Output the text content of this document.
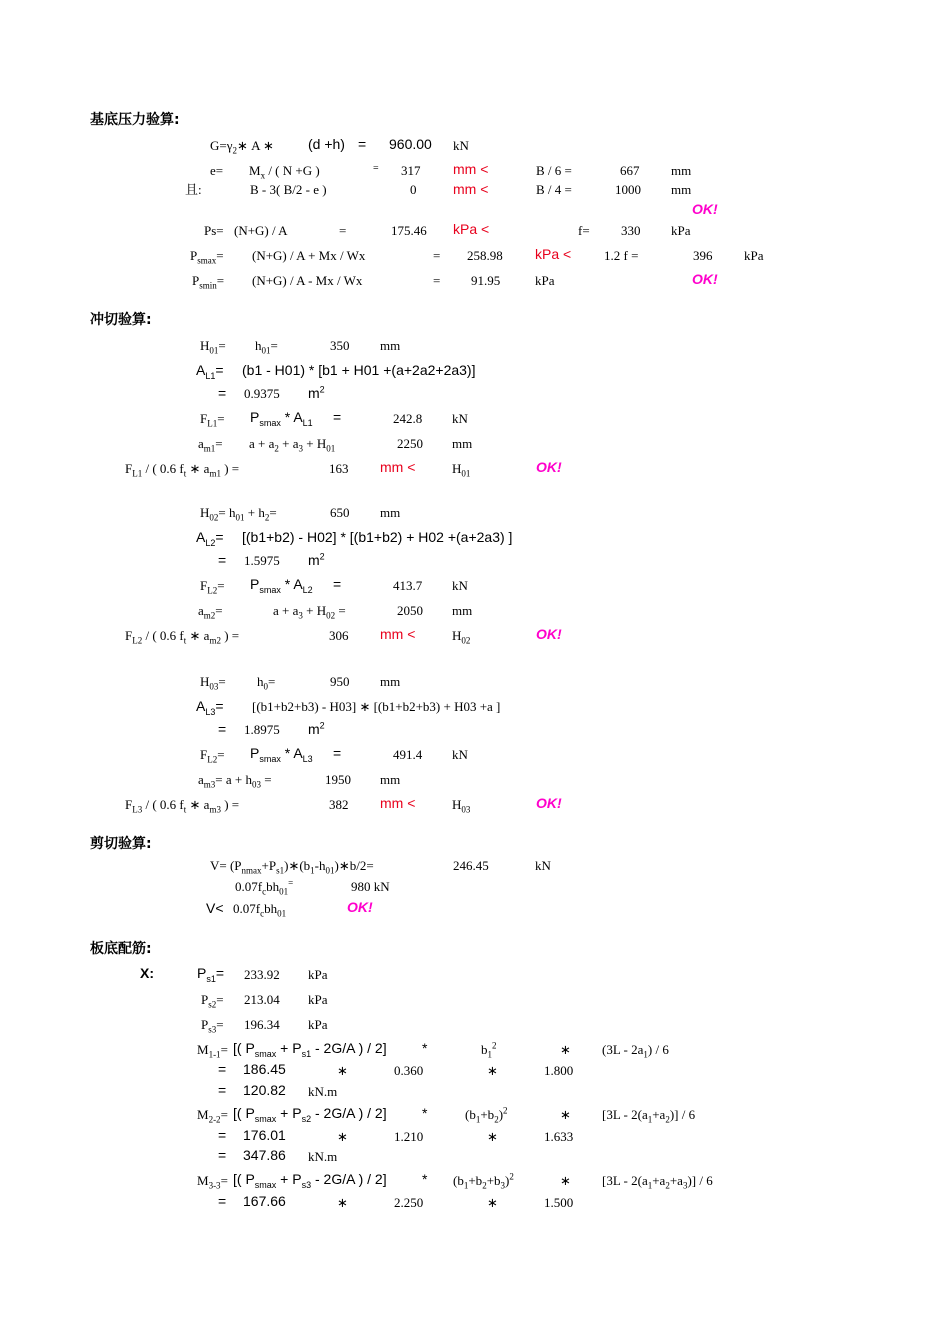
基底压力验算:
$G=\gamma_2∗$ A ∗ (d +h) = 960.00 kN
$e= M_x$ / ( N +G )	= 317 mm <	B / 6 =	667 mm
且:	B - 3( B/2 - e )	0	mm <	B / 4 =	1000 mm
OK!
Ps= (N+G) / A	=	175.46 kPa <	f= 330 kPa
$P_{smax}= (N+G) / A + Mx / Wx$	= 258.98 kPa <	1.2 f =	396 kPa
$P_{smin}= (N+G) / A - Mx / Wx$	= 91.95	kPa	OK!
冲切验算:
$H_{01}= h_{01}=$	350 mm
$A_{L1}= (b1 - H01) * [b1 + H01 +(a+2a2+2a3)]$
= 0.9375 $m^2$
$F_{L1}= P_{smax} * A_{L1}$ =	242.8 kN
$a_{m1}= a + a_2 + a_3 + H_{01}$	2250 mm
$F_{L1}$ / ( 0.6 $f_t$ ∗ $a_{m1}$ ) =	163 mm <	$H_{01}$	OK!
$H_{02}= h_{01} + h_2=$	650 mm
$A_{L2}= [(b1+b2) - H02] * [(b1+b2) + H02 +(a+2a3)$ ]
= 1.5975 $m^2$
$F_{L2}= P_{smax} * A_{L2}$ =	413.7 kN
$a_{m2}=$	$a + a_3 + H_{02}$ =	2050 mm
$F_{L2}$ / ( 0.6 $f_t$ ∗ $a_{m2}$ ) =	306 mm <	$H_{02}$	OK!
$H_{03}= h_0=$	950 mm
$A_{L3}= [(b1+b2+b3) - H03]$ ∗ [(b1+b2+b3) + H03 +a ]
= 1.8975 $m^2$
$F_{L2}= P_{smax} * A_{L3}$ =	491.4 kN
$a_{m3}= a + h_{03}$ =	1950 mm
$F_{L3}$ / ( 0.6 $f_t$ ∗ $a_{m3}$ ) =	382 mm <	$H_{03}$	OK!
剪切验算:
$V= (P_{nmax}+P_{s1})∗(b_1-h_{01})∗b/2=$	246.45	kN
$0.07f_cbh_{01}^=$	980 kN
$V< 0.07f_cbh_{01}$	OK!
板底配筋:
X:	$P_{s1}= 233.92$ kPa
$P_{s2}= 213.04$ kPa
$P_{s3}= 196.34$ kPa
$M_{1-1}=$ [( $P_{smax} + P_{s1} - 2G/A$ ) / 2]	*	$b_1^2$	∗ $(3L - 2a_1) / 6$
= 186.45	∗	0.360	∗	1.800
= 120.82 kN.m
$M_{2-2}=$ [( $P_{smax} + P_{s2} - 2G/A$ ) / 2]	*	$(b_1+b_2)^2$	∗ $[3L - 2(a_1+a_2)] / 6$
= 176.01	∗	1.210	∗	1.633
= 347.86 kN.m
$M_{3-3}=$ [( $P_{smax} + P_{s3} - 2G/A$ ) / 2]	* $(b_1+b_2+b_3)^2$	∗ $[3L - 2(a_1+a_2+a_3)] / 6$
= 167.66	∗	2.250	∗	1.500
